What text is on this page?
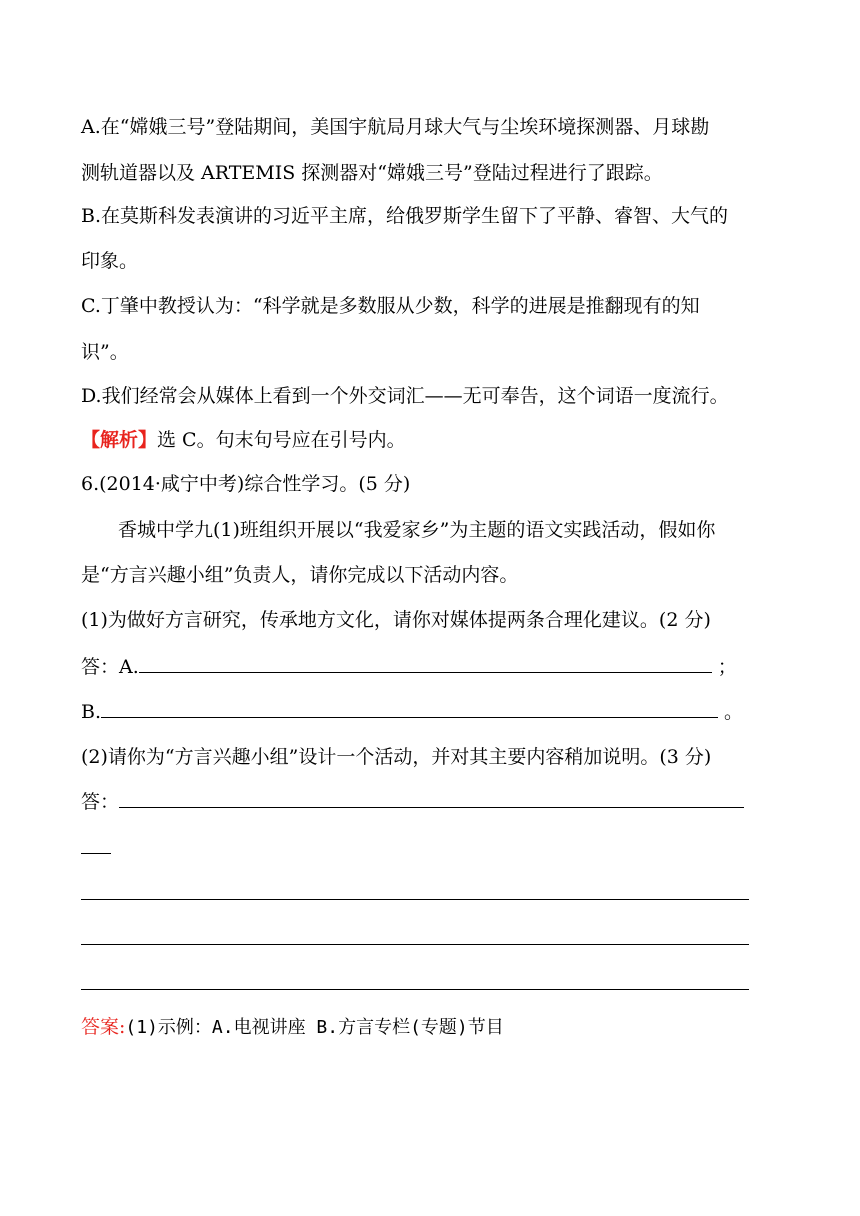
A.在“嫦娥三号”登陆期间，美国宇航局月球大气与尘埃环境探测器、月球勘
测轨道器以及 ARTEMIS 探测器对“嫦娥三号”登陆过程进行了跟踪。
B.在莫斯科发表演讲的习近平主席，给俄罗斯学生留下了平静、睿智、大气的
印象。
C.丁肇中教授认为：“科学就是多数服从少数，科学的进展是推翻现有的知
识”。
D.我们经常会从媒体上看到一个外交词汇——无可奉告，这个词语一度流行。
【解析】选 C。句末句号应在引号内。
6.(2014·咸宁中考)综合性学习。(5 分)
香城中学九(1)班组织开展以“我爱家乡”为主题的语文实践活动，假如你
是“方言兴趣小组”负责人，请你完成以下活动内容。
(1)为做好方言研究，传承地方文化，请你对媒体提两条合理化建议。(2 分)
答：A.	；
B.	。
(2)请你为“方言兴趣小组”设计一个活动，并对其主要内容稍加说明。(3 分)
答：
答案:(1)示例：A.电视讲座 B.方言专栏(专题)节目
